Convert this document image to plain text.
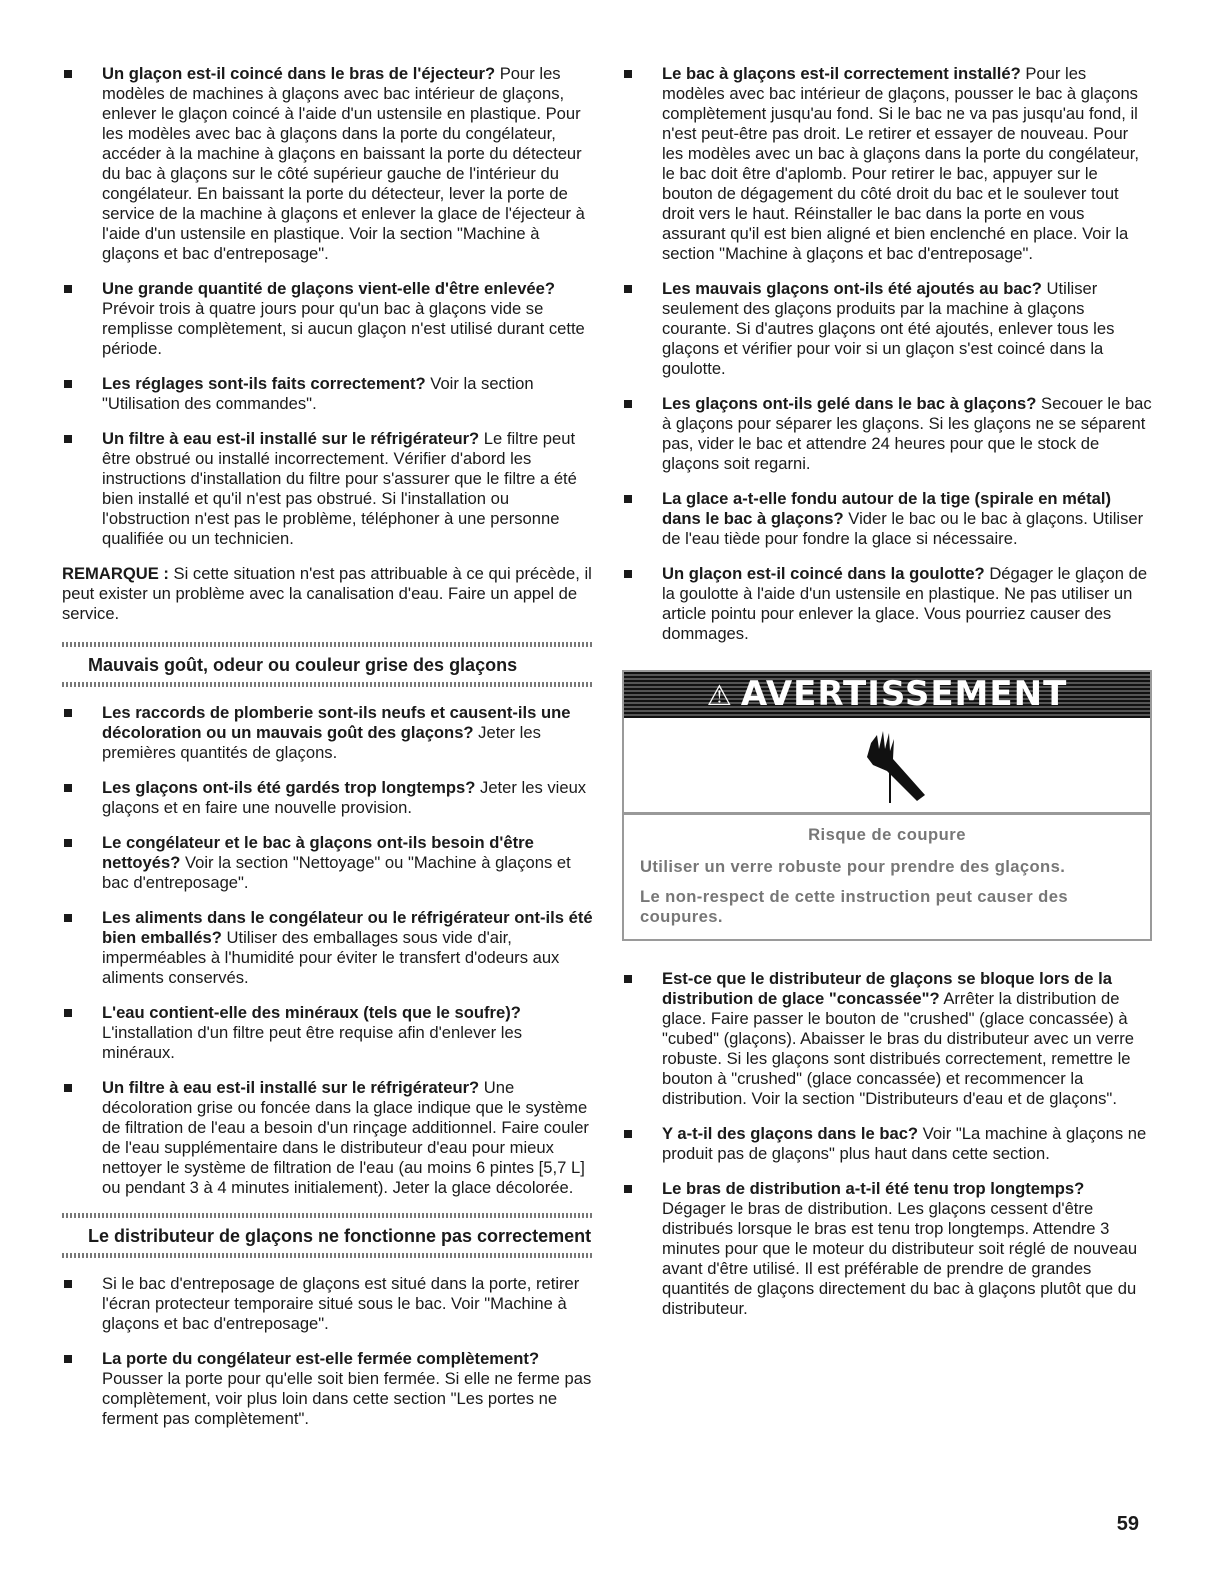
Un glaçon est-il coincé dans le bras de l'éjecteur? Pour les modèles de machines à glaçons avec bac intérieur de glaçons, enlever le glaçon coincé à l'aide d'un ustensile en plastique. Pour les modèles avec bac à glaçons dans la porte du congélateur, accéder à la machine à glaçons en baissant la porte du détecteur du bac à glaçons sur le côté supérieur gauche de l'intérieur du congélateur. En baissant la porte du détecteur, lever la porte de service de la machine à glaçons et enlever la glace de l'éjecteur à l'aide d'un ustensile en plastique. Voir la section "Machine à glaçons et bac d'entreposage".
Une grande quantité de glaçons vient-elle d'être enlevée? Prévoir trois à quatre jours pour qu'un bac à glaçons vide se remplisse complètement, si aucun glaçon n'est utilisé durant cette période.
Les réglages sont-ils faits correctement? Voir la section "Utilisation des commandes".
Un filtre à eau est-il installé sur le réfrigérateur? Le filtre peut être obstrué ou installé incorrectement. Vérifier d'abord les instructions d'installation du filtre pour s'assurer que le filtre a été bien installé et qu'il n'est pas obstrué. Si l'installation ou l'obstruction n'est pas le problème, téléphoner à une personne qualifiée ou un technicien.

REMARQUE : Si cette situation n'est pas attribuable à ce qui précède, il peut exister un problème avec la canalisation d'eau. Faire un appel de service.

Mauvais goût, odeur ou couleur grise des glaçons
Les raccords de plomberie sont-ils neufs et causent-ils une décoloration ou un mauvais goût des glaçons? Jeter les premières quantités de glaçons.
Les glaçons ont-ils été gardés trop longtemps? Jeter les vieux glaçons et en faire une nouvelle provision.
Le congélateur et le bac à glaçons ont-ils besoin d'être nettoyés? Voir la section "Nettoyage" ou "Machine à glaçons et bac d'entreposage".
Les aliments dans le congélateur ou le réfrigérateur ont-ils été bien emballés? Utiliser des emballages sous vide d'air, imperméables à l'humidité pour éviter le transfert d'odeurs aux aliments conservés.
L'eau contient-elle des minéraux (tels que le soufre)? L'installation d'un filtre peut être requise afin d'enlever les minéraux.
Un filtre à eau est-il installé sur le réfrigérateur? Une décoloration grise ou foncée dans la glace indique que le système de filtration de l'eau a besoin d'un rinçage additionnel. Faire couler de l'eau supplémentaire dans le distributeur d'eau pour mieux nettoyer le système de filtration de l'eau (au moins 6 pintes [5,7 L] ou pendant 3 à 4 minutes initialement). Jeter la glace décolorée.
Le distributeur de glaçons ne fonctionne pas correctement
Si le bac d'entreposage de glaçons est situé dans la porte, retirer l'écran protecteur temporaire situé sous le bac. Voir "Machine à glaçons et bac d'entreposage".
La porte du congélateur est-elle fermée complètement? Pousser la porte pour qu'elle soit bien fermée. Si elle ne ferme pas complètement, voir plus loin dans cette section "Les portes ne ferment pas complètement".
Le bac à glaçons est-il correctement installé? Pour les modèles avec bac intérieur de glaçons, pousser le bac à glaçons complètement jusqu'au fond. Si le bac ne va pas jusqu'au fond, il n'est peut-être pas droit. Le retirer et essayer de nouveau. Pour les modèles avec un bac à glaçons dans la porte du congélateur, le bac doit être d'aplomb. Pour retirer le bac, appuyer sur le bouton de dégagement du côté droit du bac et le soulever tout droit vers le haut. Réinstaller le bac dans la porte en vous assurant qu'il est bien aligné et bien enclenché en place. Voir la section "Machine à glaçons et bac d'entreposage".
Les mauvais glaçons ont-ils été ajoutés au bac? Utiliser seulement des glaçons produits par la machine à glaçons courante. Si d'autres glaçons ont été ajoutés, enlever tous les glaçons et vérifier pour voir si un glaçon s'est coincé dans la goulotte.
Les glaçons ont-ils gelé dans le bac à glaçons? Secouer le bac à glaçons pour séparer les glaçons. Si les glaçons ne se séparent pas, vider le bac et attendre 24 heures pour que le stock de glaçons soit regarni.
La glace a-t-elle fondu autour de la tige (spirale en métal) dans le bac à glaçons? Vider le bac ou le bac à glaçons. Utiliser de l'eau tiède pour fondre la glace si nécessaire.
Un glaçon est-il coincé dans la goulotte? Dégager le glaçon de la goulotte à l'aide d'un ustensile en plastique. Ne pas utiliser un article pointu pour enlever la glace. Vous pourriez causer des dommages.
⚠ AVERTISSEMENT
Risque de coupure
Utiliser un verre robuste pour prendre des glaçons.
Le non-respect de cette instruction peut causer des coupures.
Est-ce que le distributeur de glaçons se bloque lors de la distribution de glace "concassée"? Arrêter la distribution de glace. Faire passer le bouton de "crushed" (glace concassée) à "cubed" (glaçons). Abaisser le bras du distributeur avec un verre robuste. Si les glaçons sont distribués correctement, remettre le bouton à "crushed" (glace concassée) et recommencer la distribution. Voir la section "Distributeurs d'eau et de glaçons".
Y a-t-il des glaçons dans le bac? Voir "La machine à glaçons ne produit pas de glaçons" plus haut dans cette section.
Le bras de distribution a-t-il été tenu trop longtemps? Dégager le bras de distribution. Les glaçons cessent d'être distribués lorsque le bras est tenu trop longtemps. Attendre 3 minutes pour que le moteur du distributeur soit réglé de nouveau avant d'être utilisé. Il est préférable de prendre de grandes quantités de glaçons directement du bac à glaçons plutôt que du distributeur.
59
